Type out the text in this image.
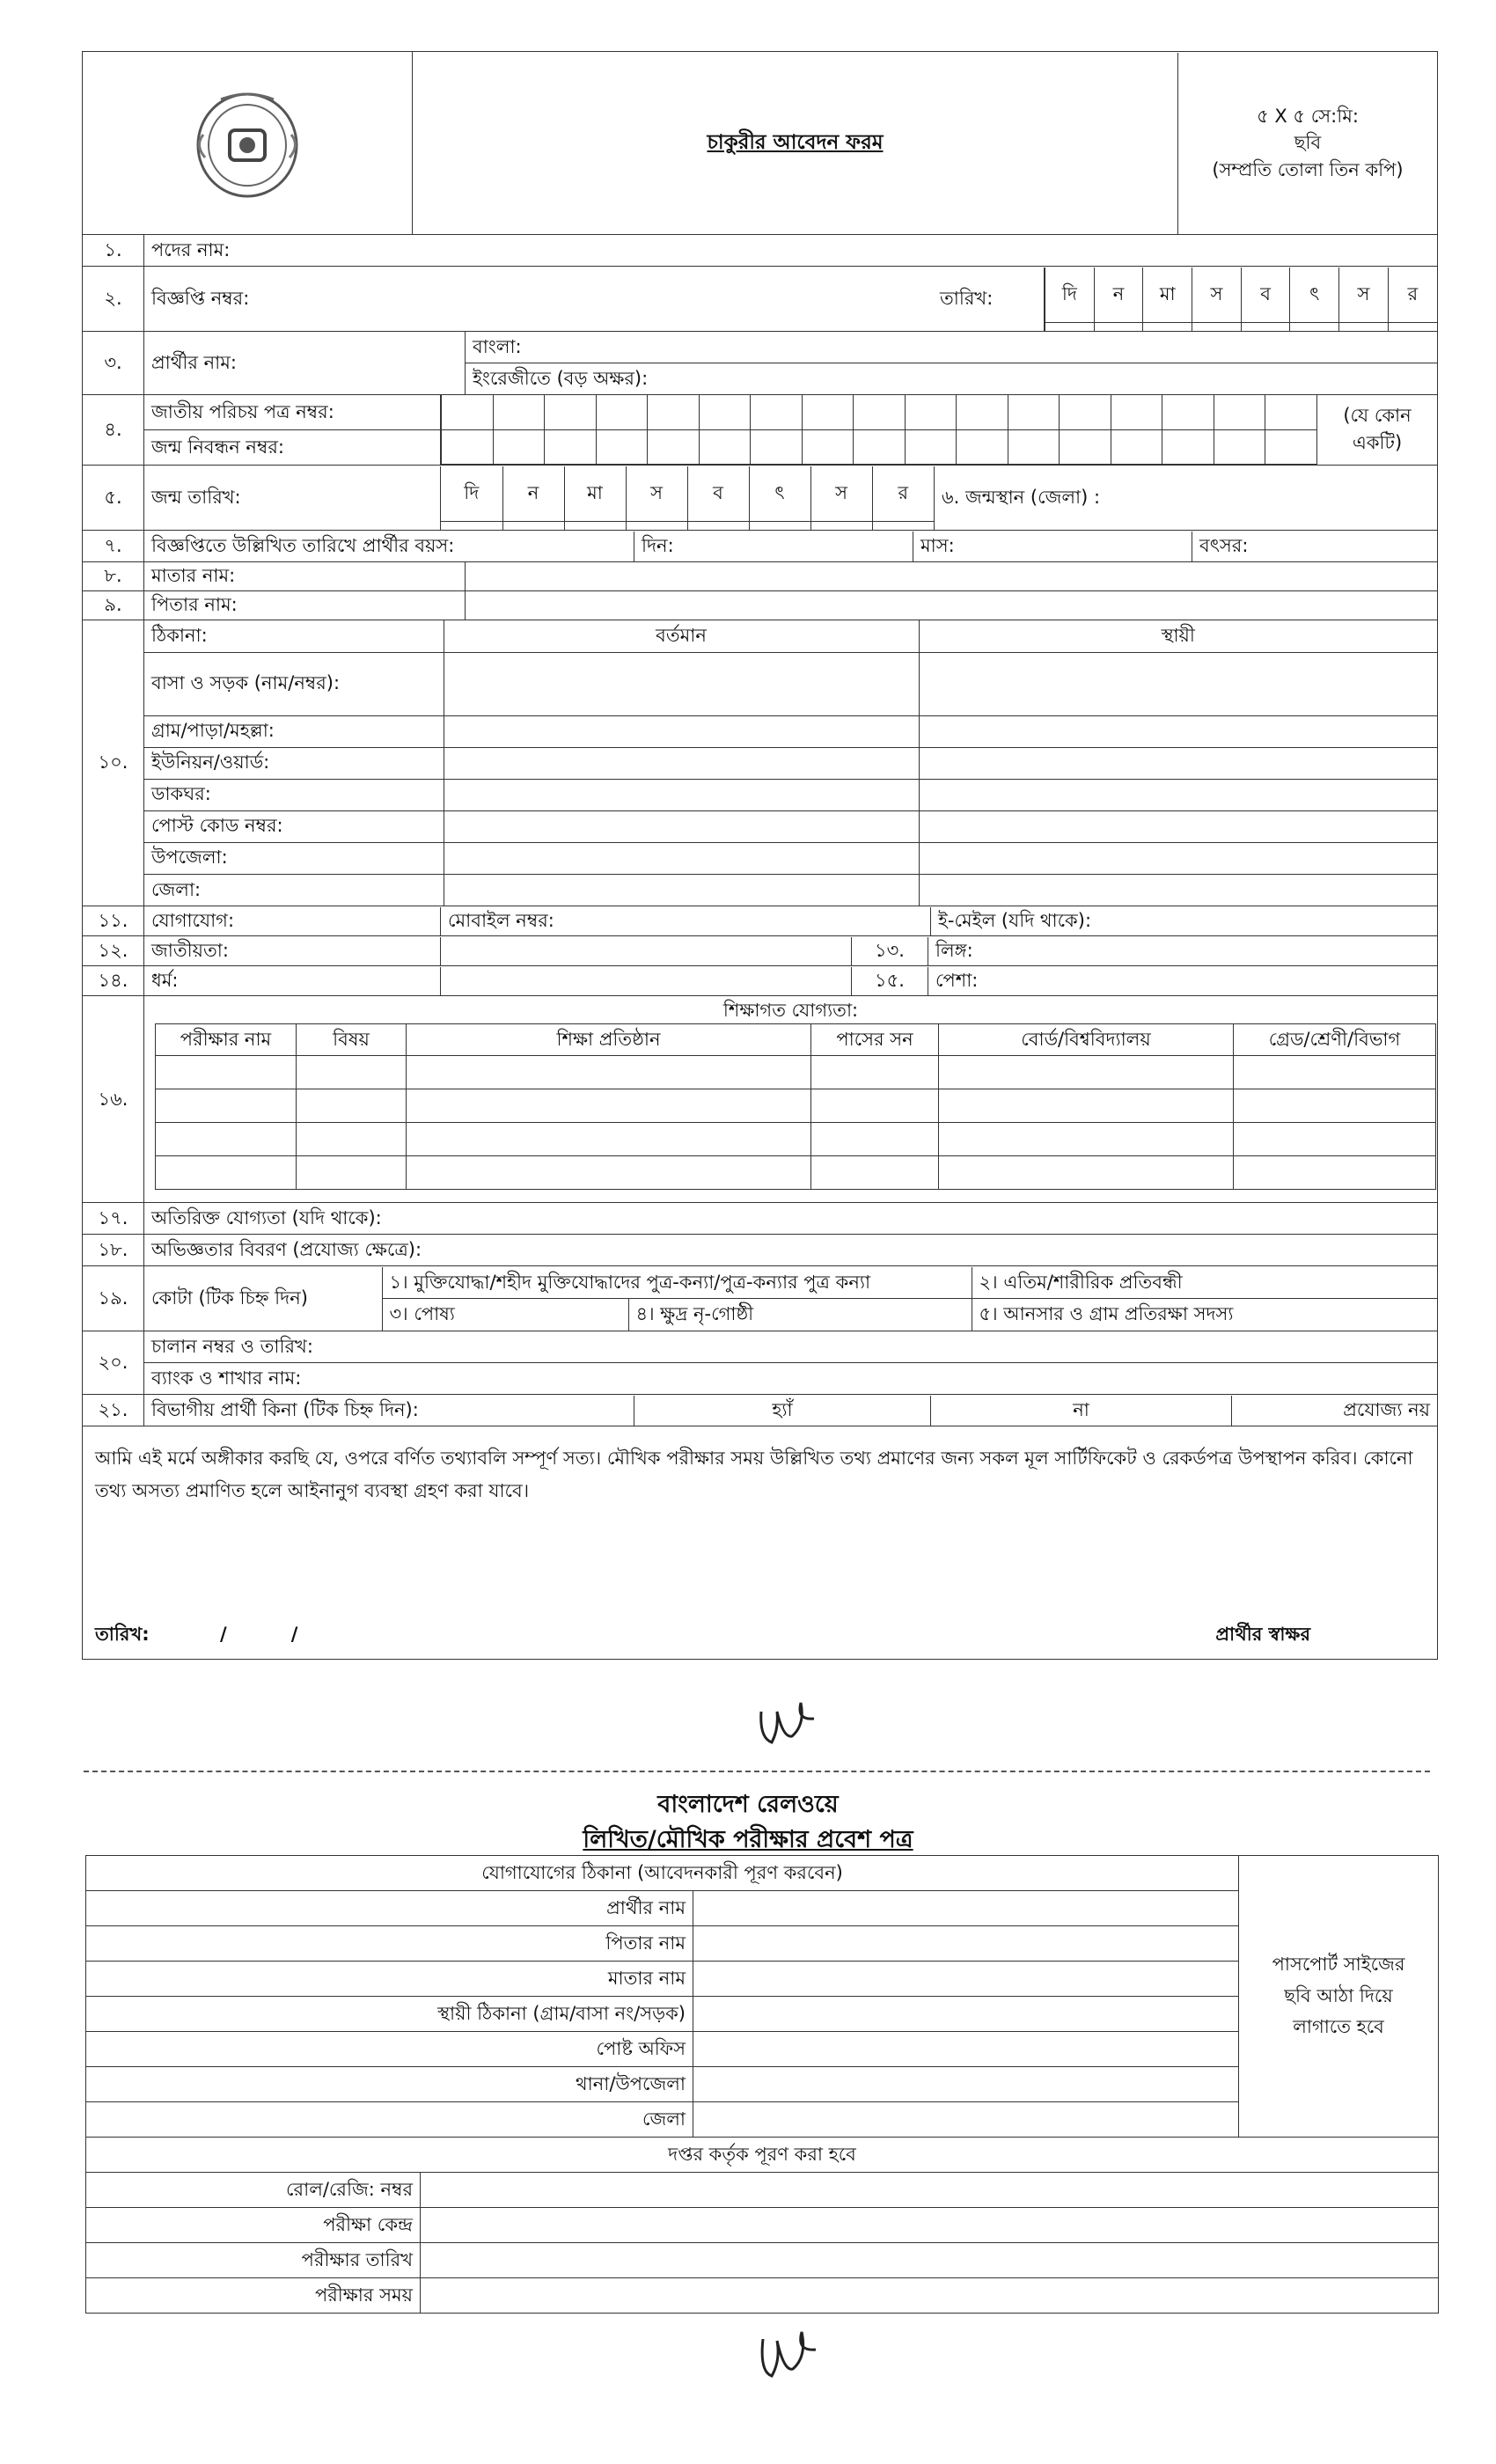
চাকুরীর আবেদন ফরম	
৫ X ৫ সে:মি:
ছবি
(সম্প্রতি তোলা তিন কপি)

১.	পদের নাম:
২.	বিজ্ঞপ্তি নম্বর:	তারিখ:		দি	ন	মা	স	ব	ৎ	স	র

৩.	প্রার্থীর নাম:	বাংলা:
ইংরেজীতে (বড় অক্ষর):
৪.	
জাতীয় পরিচয় পত্র নম্বর:																																		(যে কোন একটি)
জন্ম নিবন্ধন নম্বর:

৫.	জন্ম তারিখ:		দি	ন	মা	স	ব	ৎ	স	র

	৬. জন্মস্থান (জেলা) :

৭.	বিজ্ঞপ্তিতে উল্লিখিত তারিখে প্রার্থীর বয়স:	দিন:	মাস:	বৎসর:

৮.	মাতার নাম:	
৯.	পিতার নাম:	
১০.	
ঠিকানা:	বর্তমান	স্থায়ী
বাসা ও সড়ক (নাম/নম্বর):		
গ্রাম/পাড়া/মহল্লা:		
ইউনিয়ন/ওয়ার্ড:		
ডাকঘর:		
পোস্ট কোড নম্বর:		
উপজেলা:		
জেলা:		

১১.	যোগাযোগ:	মোবাইল নম্বর:	ই-মেইল (যদি থাকে):

১২.	জাতীয়তা:		১৩.	লিঙ্গ:

১৪.	ধর্ম:		১৫.	পেশা:

১৬.	
শিক্ষাগত যোগ্যতা:
পরীক্ষার নাম	বিষয়	শিক্ষা প্রতিষ্ঠান	পাসের সন	বোর্ড/বিশ্ববিদ্যালয়	গ্রেড/শ্রেণী/বিভাগ

১৭.	অতিরিক্ত যোগ্যতা (যদি থাকে):
১৮.	অভিজ্ঞতার বিবরণ (প্রযোজ্য ক্ষেত্রে):
১৯.	কোটা (টিক চিহ্ন দিন)	১। মুক্তিযোদ্ধা/শহীদ মুক্তিযোদ্ধাদের পুত্র-কন্যা/পুত্র-কন্যার পুত্র কন্যা	২। এতিম/শারীরিক প্রতিবন্ধী
৩। পোষ্য	৪। ক্ষুদ্র নৃ-গোষ্ঠী	৫। আনসার ও গ্রাম প্রতিরক্ষা সদস্য

২০.	চালান নম্বর ও তারিখ:
ব্যাংক ও শাখার নাম:
২১.	বিভাগীয় প্রার্থী কিনা (টিক চিহ্ন দিন):	হ্যাঁ	না	প্রযোজ্য নয়

আমি এই মর্মে অঙ্গীকার করছি যে, ওপরে বর্ণিত তথ্যাবলি সম্পূর্ণ সত্য। মৌখিক পরীক্ষার সময় উল্লিখিত তথ্য প্রমাণের জন্য সকল মূল সার্টিফিকেট ও রেকর্ডপত্র উপস্থাপন করিব। কোনো তথ্য অসত্য প্রমাণিত হলে আইনানুগ ব্যবস্থা গ্রহণ করা যাবে।
তারিখ:	/          /	প্রার্থীর স্বাক্ষর
বাংলাদেশ রেলওয়ে
লিখিত/মৌখিক পরীক্ষার প্রবেশ পত্র
যোগাযোগের ঠিকানা (আবেদনকারী পূরণ করবেন)			পাসপোর্ট সাইজের ছবি আঠা দিয়ে লাগাতে হবে
প্রার্থীর নাম			
পিতার নাম			
মাতার নাম			
স্থায়ী ঠিকানা (গ্রাম/বাসা নং/সড়ক)			
পোষ্ট অফিস			
থানা/উপজেলা			
জেলা			
দপ্তর কর্তৃক পূরণ করা হবে			
রোল/রেজি: নম্বর			
পরীক্ষা কেন্দ্র			
পরীক্ষার তারিখ			
পরীক্ষার সময়			
